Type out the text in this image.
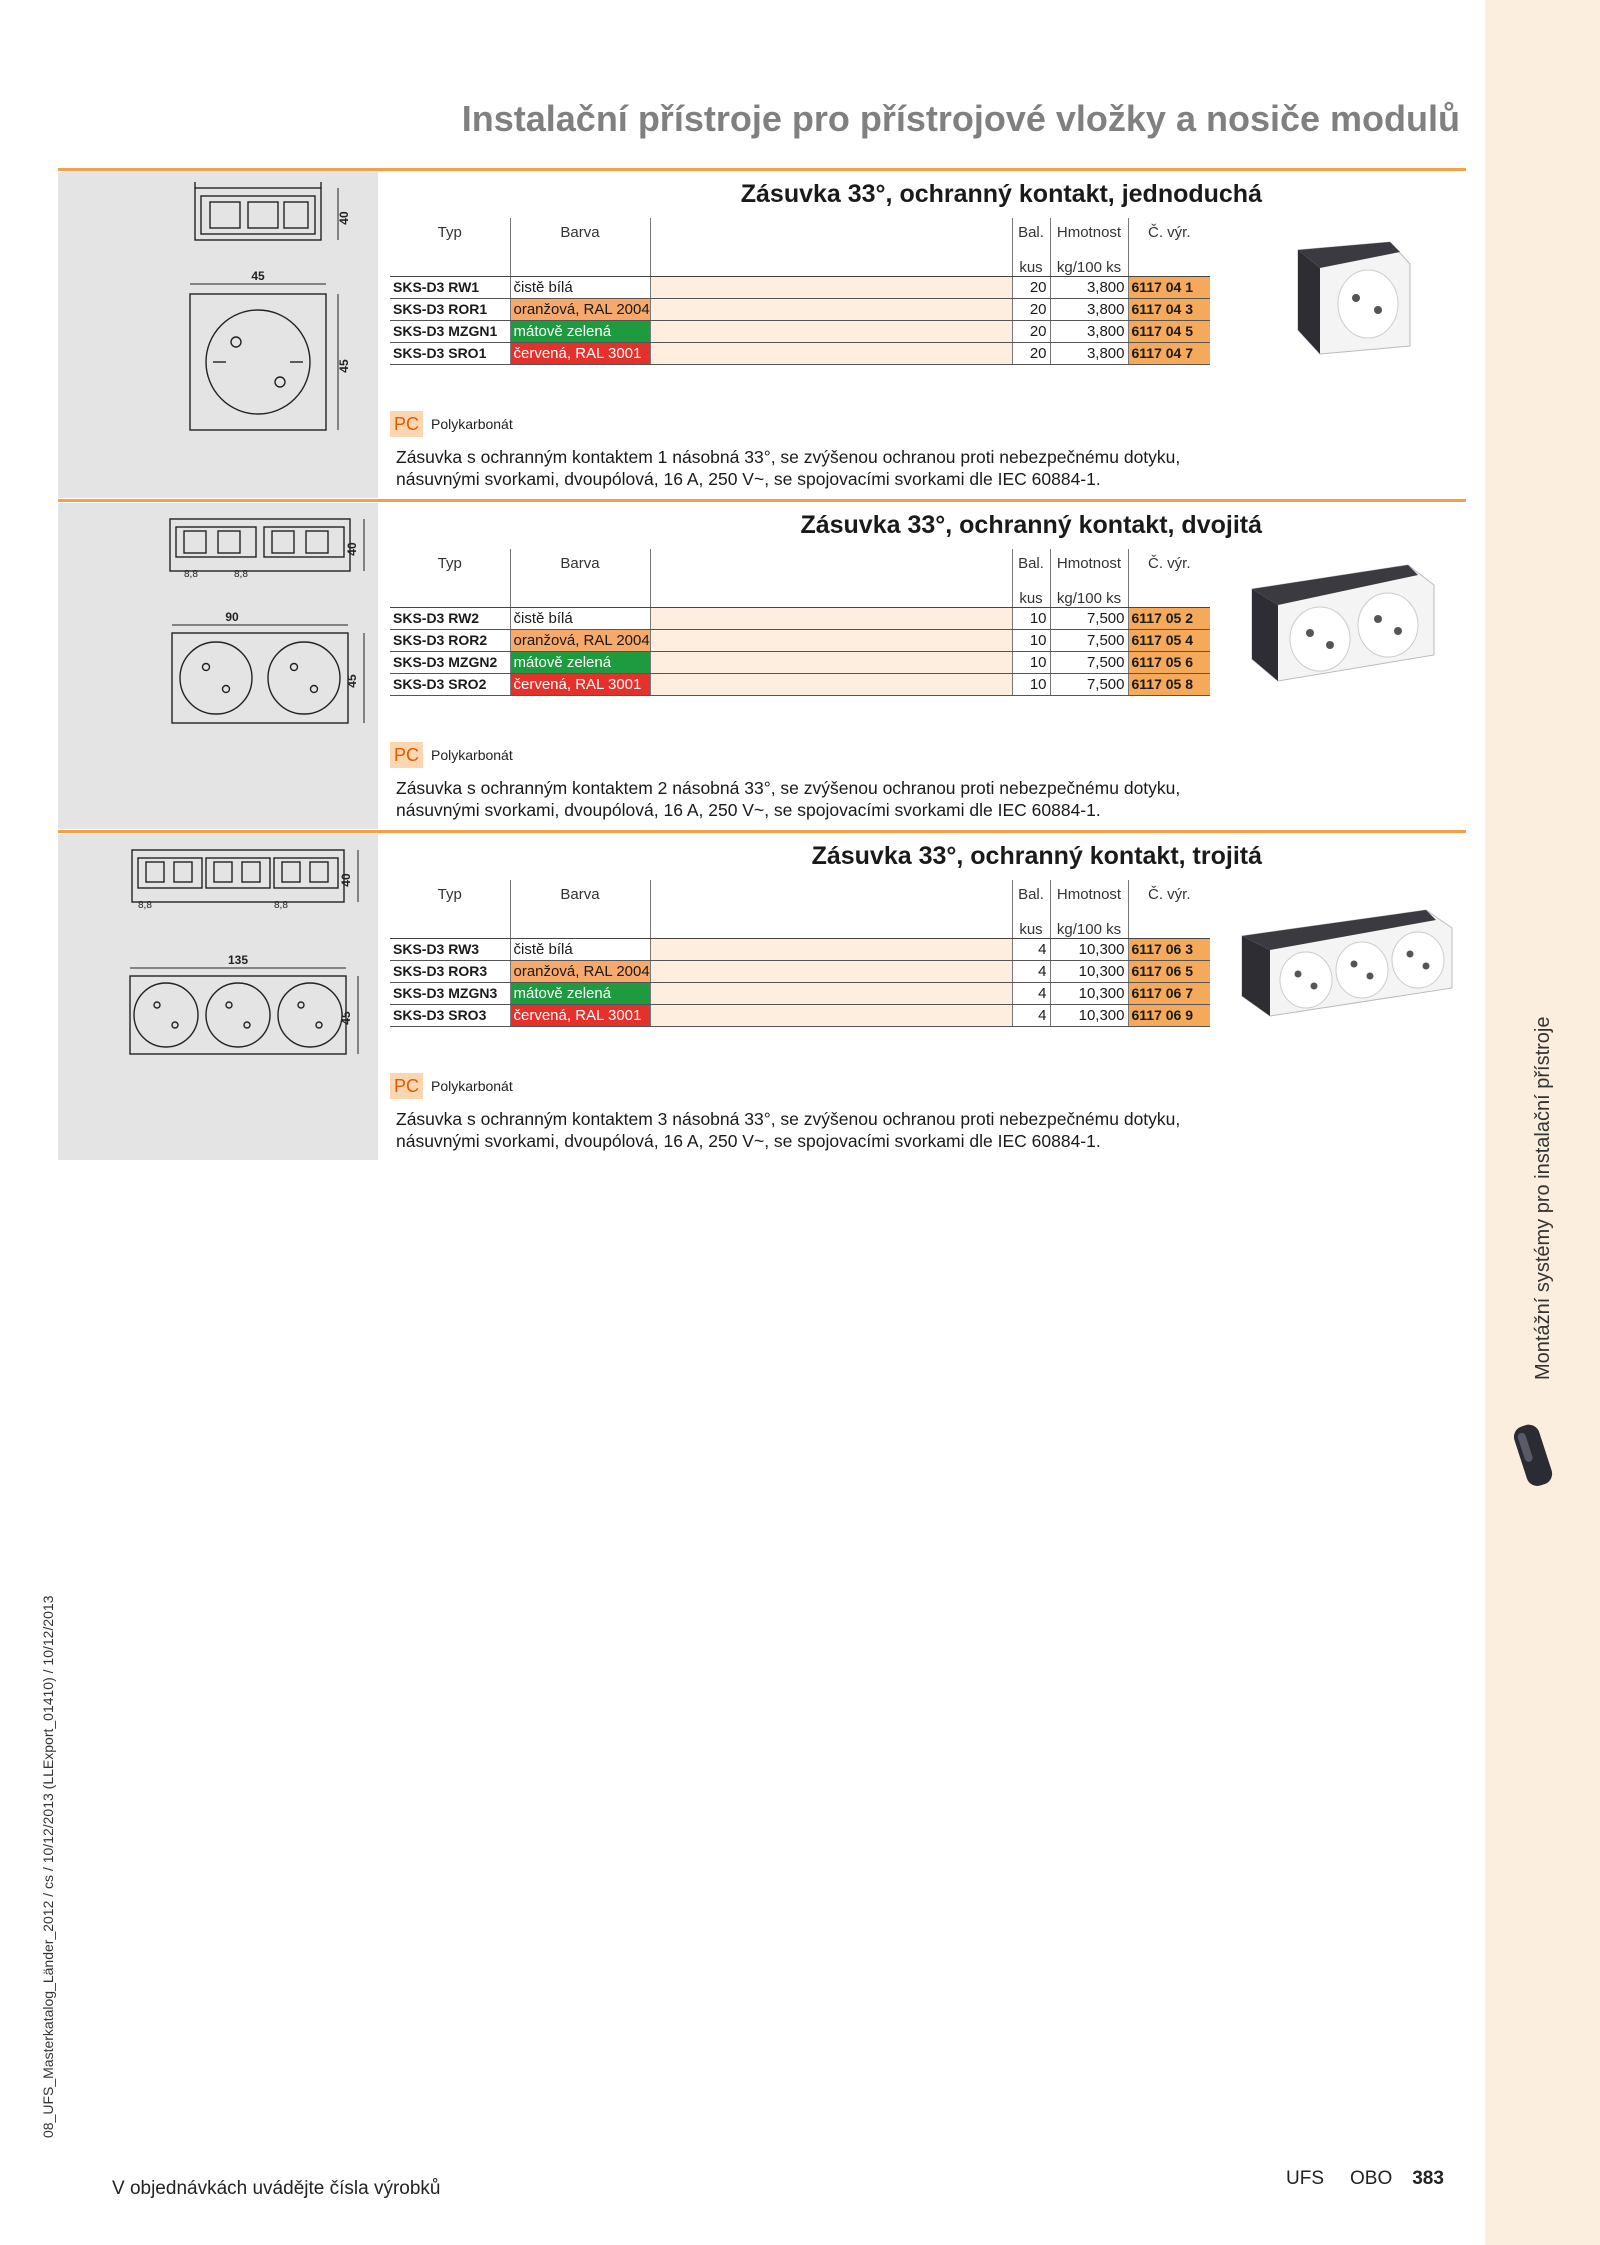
Montážní systémy pro instalační přístroje
08_UFS_Masterkatalog_Länder_2012 / cs / 10/12/2013 (LLExport_01410) / 10/12/2013
Instalační přístroje pro přístrojové vložky a nosiče modulů
45
40
45
Zásuvka 33°, ochranný kontakt, jednoduchá
Typ	Barva		Bal.	Hmotnost	Č. výr.
			kus	kg/100 ks	
SKS-D3 RW1	čistě bílá		20	3,800	6117 04 1
SKS-D3 ROR1	oranžová, RAL 2004		20	3,800	6117 04 3
SKS-D3 MZGN1	mátově zelená		20	3,800	6117 04 5
SKS-D3 SRO1	červená, RAL 3001		20	3,800	6117 04 7
PC Polykarbonát
Zásuvka s ochranným kontaktem 1 násobná 33°, se zvýšenou ochranou proti nebezpečnému dotyku, násuvnými svorkami, dvoupólová, 16 A, 250 V~, se spojovacími svorkami dle IEC 60884-1.
8,8	8,8
90
40
45
Zásuvka 33°, ochranný kontakt, dvojitá
Typ	Barva		Bal.	Hmotnost	Č. výr.
			kus	kg/100 ks	
SKS-D3 RW2	čistě bílá		10	7,500	6117 05 2
SKS-D3 ROR2	oranžová, RAL 2004		10	7,500	6117 05 4
SKS-D3 MZGN2	mátově zelená		10	7,500	6117 05 6
SKS-D3 SRO2	červená, RAL 3001		10	7,500	6117 05 8
PC Polykarbonát
Zásuvka s ochranným kontaktem 2 násobná 33°, se zvýšenou ochranou proti nebezpečnému dotyku, násuvnými svorkami, dvoupólová, 16 A, 250 V~, se spojovacími svorkami dle IEC 60884-1.
8,8	8,8
135
40
45
Zásuvka 33°, ochranný kontakt, trojitá
Typ	Barva		Bal.	Hmotnost	Č. výr.
			kus	kg/100 ks	
SKS-D3 RW3	čistě bílá		4	10,300	6117 06 3
SKS-D3 ROR3	oranžová, RAL 2004		4	10,300	6117 06 5
SKS-D3 MZGN3	mátově zelená		4	10,300	6117 06 7
SKS-D3 SRO3	červená, RAL 3001		4	10,300	6117 06 9
PC Polykarbonát
Zásuvka s ochranným kontaktem 3 násobná 33°, se zvýšenou ochranou proti nebezpečnému dotyku, násuvnými svorkami, dvoupólová, 16 A, 250 V~, se spojovacími svorkami dle IEC 60884-1.
V objednávkách uvádějte čísla výrobků	UFS OBO 383
